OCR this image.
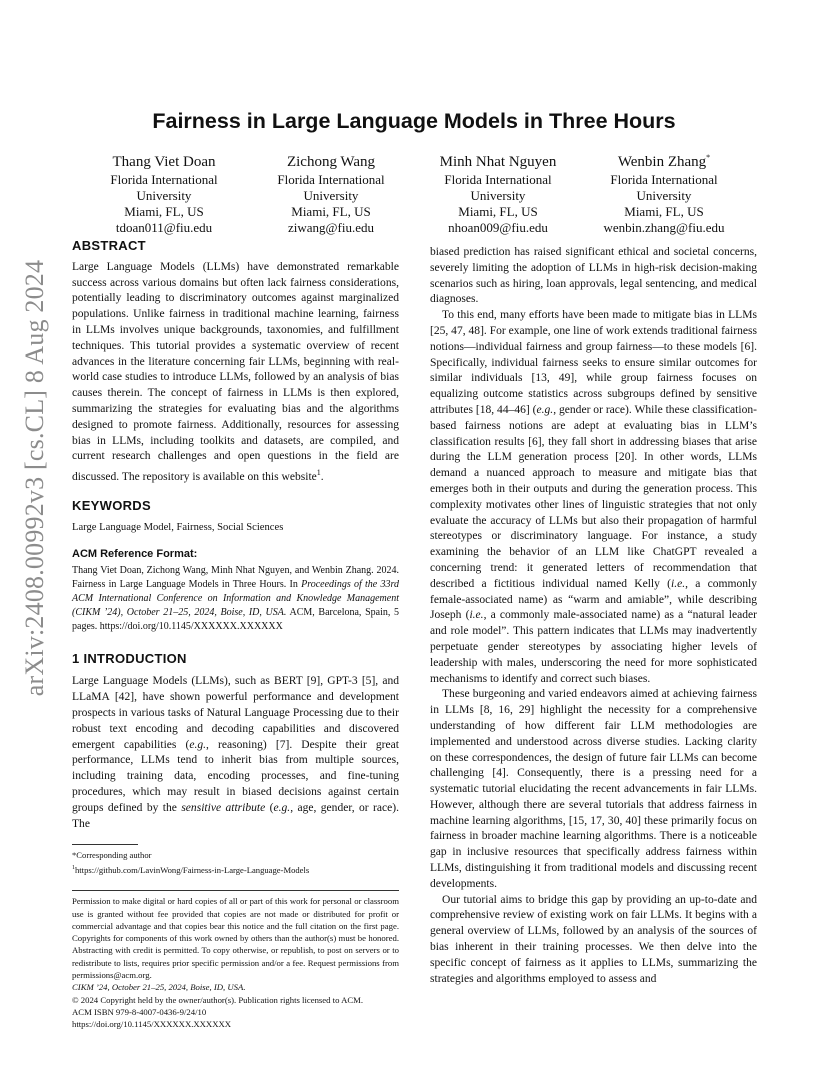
arXiv:2408.00992v3 [cs.CL] 8 Aug 2024
Fairness in Large Language Models in Three Hours
Thang Viet Doan
Florida International
University
Miami, FL, US
tdoan011@fiu.edu
Zichong Wang
Florida International
University
Miami, FL, US
ziwang@fiu.edu
Minh Nhat Nguyen
Florida International
University
Miami, FL, US
nhoan009@fiu.edu
Wenbin Zhang*
Florida International
University
Miami, FL, US
wenbin.zhang@fiu.edu
ABSTRACT

Large Language Models (LLMs) have demonstrated remarkable success across various domains but often lack fairness considerations, potentially leading to discriminatory outcomes against marginalized populations. Unlike fairness in traditional machine learning, fairness in LLMs involves unique backgrounds, taxonomies, and fulfillment techniques. This tutorial provides a systematic overview of recent advances in the literature concerning fair LLMs, beginning with real-world case studies to introduce LLMs, followed by an analysis of bias causes therein. The concept of fairness in LLMs is then explored, summarizing the strategies for evaluating bias and the algorithms designed to promote fairness. Additionally, resources for assessing bias in LLMs, including toolkits and datasets, are compiled, and current research challenges and open questions in the field are discussed. The repository is available on this website$^1$.

KEYWORDS

Large Language Model, Fairness, Social Sciences

ACM Reference Format:

Thang Viet Doan, Zichong Wang, Minh Nhat Nguyen, and Wenbin Zhang. 2024. Fairness in Large Language Models in Three Hours. In Proceedings of the 33rd ACM International Conference on Information and Knowledge Management (CIKM ’24), October 21–25, 2024, Boise, ID, USA. ACM, Barcelona, Spain, 5 pages. https://doi.org/10.1145/XXXXXX.XXXXXX

1 INTRODUCTION

Large Language Models (LLMs), such as BERT [9], GPT-3 [5], and LLaMA [42], have shown powerful performance and development prospects in various tasks of Natural Language Processing due to their robust text encoding and decoding capabilities and discovered emergent capabilities (e.g., reasoning) [7]. Despite their great performance, LLMs tend to inherit bias from multiple sources, including training data, encoding processes, and fine-tuning procedures, which may result in biased decisions against certain groups defined by the sensitive attribute (e.g., age, gender, or race). The

*Corresponding author
$^1$https://github.com/LavinWong/Fairness-in-Large-Language-Models

Permission to make digital or hard copies of all or part of this work for personal or classroom use is granted without fee provided that copies are not made or distributed for profit or commercial advantage and that copies bear this notice and the full citation on the first page. Copyrights for components of this work owned by others than the author(s) must be honored. Abstracting with credit is permitted. To copy otherwise, or republish, to post on servers or to redistribute to lists, requires prior specific permission and/or a fee. Request permissions from permissions@acm.org.

CIKM ’24, October 21–25, 2024, Boise, ID, USA.

© 2024 Copyright held by the owner/author(s). Publication rights licensed to ACM.

ACM ISBN 979-8-4007-0436-9/24/10

https://doi.org/10.1145/XXXXXX.XXXXXX

biased prediction has raised significant ethical and societal concerns, severely limiting the adoption of LLMs in high-risk decision-making scenarios such as hiring, loan approvals, legal sentencing, and medical diagnoses.

To this end, many efforts have been made to mitigate bias in LLMs [25, 47, 48]. For example, one line of work extends traditional fairness notions—individual fairness and group fairness—to these models [6]. Specifically, individual fairness seeks to ensure similar outcomes for similar individuals [13, 49], while group fairness focuses on equalizing outcome statistics across subgroups defined by sensitive attributes [18, 44–46] (e.g., gender or race). While these classification-based fairness notions are adept at evaluating bias in LLM’s classification results [6], they fall short in addressing biases that arise during the LLM generation process [20]. In other words, LLMs demand a nuanced approach to measure and mitigate bias that emerges both in their outputs and during the generation process. This complexity motivates other lines of linguistic strategies that not only evaluate the accuracy of LLMs but also their propagation of harmful stereotypes or discriminatory language. For instance, a study examining the behavior of an LLM like ChatGPT revealed a concerning trend: it generated letters of recommendation that described a fictitious individual named Kelly (i.e., a commonly female-associated name) as “warm and amiable”, while describing Joseph (i.e., a commonly male-associated name) as a “natural leader and role model”. This pattern indicates that LLMs may inadvertently perpetuate gender stereotypes by associating higher levels of leadership with males, underscoring the need for more sophisticated mechanisms to identify and correct such biases.

These burgeoning and varied endeavors aimed at achieving fairness in LLMs [8, 16, 29] highlight the necessity for a comprehensive understanding of how different fair LLM methodologies are implemented and understood across diverse studies. Lacking clarity on these correspondences, the design of future fair LLMs can become challenging [4]. Consequently, there is a pressing need for a systematic tutorial elucidating the recent advancements in fair LLMs. However, although there are several tutorials that address fairness in machine learning algorithms, [15, 17, 30, 40] these primarily focus on fairness in broader machine learning algorithms. There is a noticeable gap in inclusive resources that specifically address fairness within LLMs, distinguishing it from traditional models and discussing recent developments.

Our tutorial aims to bridge this gap by providing an up-to-date and comprehensive review of existing work on fair LLMs. It begins with a general overview of LLMs, followed by an analysis of the sources of bias inherent in their training processes. We then delve into the specific concept of fairness as it applies to LLMs, summarizing the strategies and algorithms employed to assess and
